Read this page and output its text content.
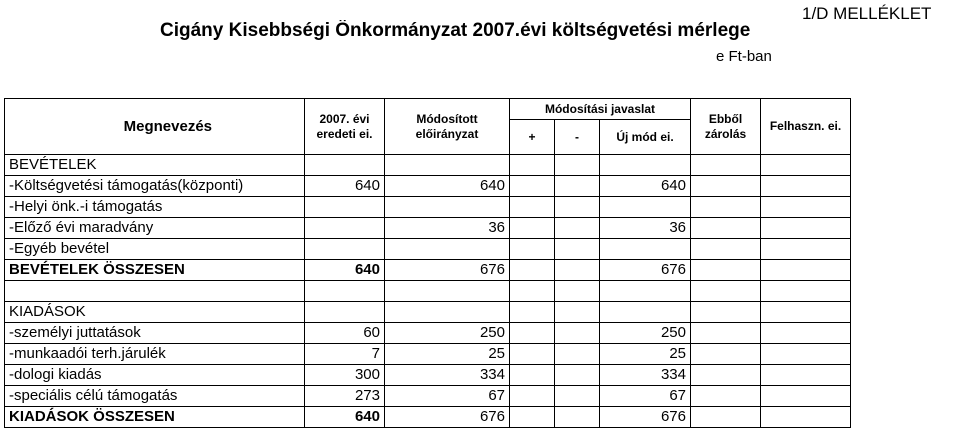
Cigány Kisebbségi Önkormányzat 2007.évi költségvetési mérlege
1/D MELLÉKLET
e Ft-ban
Megnevezés	2007. évi eredeti ei.	Módosított előirányzat	Módosítási javaslat			Ebből zárolás	Felhaszn. ei.
			+	-	Új mód ei.		
BEVÉTELEK							
-Költségvetési támogatás(központi)	640	640			640		
-Helyi önk.-i támogatás							
-Előző évi maradvány		36			36		
-Egyéb bevétel							
BEVÉTELEK ÖSSZESEN	640	676			676		

KIADÁSOK							
-személyi juttatások	60	250			250		
-munkaadói terh.járulék	7	25			25		
-dologi kiadás	300	334			334		
-speciális célú támogatás	273	67			67		
KIADÁSOK ÖSSZESEN	640	676			676		
